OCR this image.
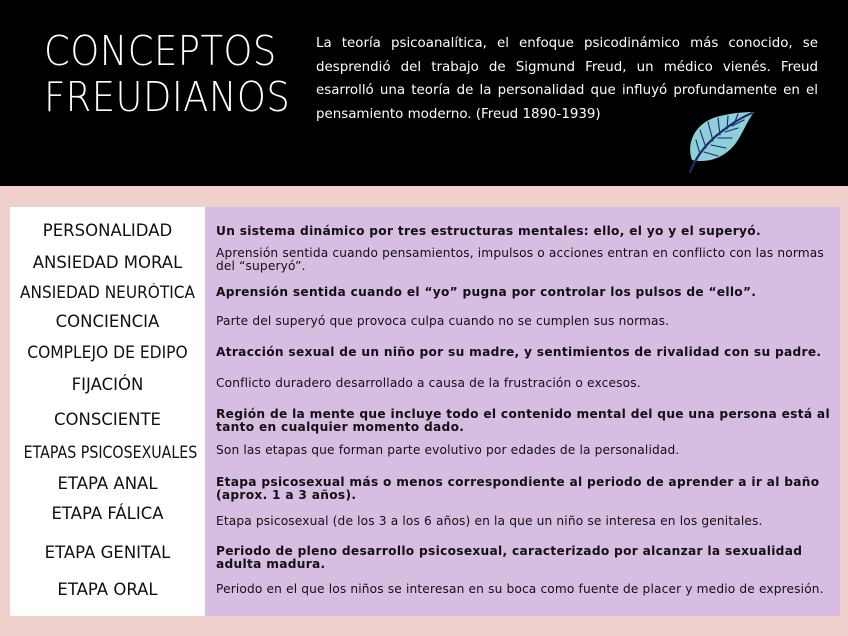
CONCEPTOS
FREUDIANOS

La teoría psicoanalítica, el enfoque psicodinámico más conocido, se desprendió del trabajo de Sigmund Freud, un médico vienés. Freud esarrolló una teoría de la personalidad que influyó profundamente en el pensamiento moderno. (Freud 1890-1939)

PERSONALIDAD	Un sistema dinámico por tres estructuras mentales: ello, el yo y el superyó.
ANSIEDAD MORAL	Aprensión sentida cuando pensamientos, impulsos o acciones entran en conflicto con las normas del “superyó”.
ANSIEDAD NEURÓTICA Aprensión sentida cuando el “yo” pugna por controlar los pulsos de “ello”.
CONCIENCIA	Parte del superyó que provoca culpa cuando no se cumplen sus normas.
COMPLEJO DE EDIPO	Atracción sexual de un niño por su madre, y sentimientos de rivalidad con su padre.
FIJACIÓN	Conflicto duradero desarrollado a causa de la frustración o excesos.
CONSCIENTE	Región de la mente que incluye todo el contenido mental del que una persona está al tanto en cualquier momento dado.
ETAPAS PSICOSEXUALES Son las etapas que forman parte evolutivo por edades de la personalidad.
ETAPA ANAL	Etapa psicosexual más o menos correspondiente al periodo de aprender a ir al baño (aprox. 1 a 3 años).
ETAPA FÁLICA	Etapa psicosexual (de los 3 a los 6 años) en la que un niño se interesa en los genitales.
ETAPA GENITAL	Periodo de pleno desarrollo psicosexual, caracterizado por alcanzar la sexualidad adulta madura.
ETAPA ORAL	Periodo en el que los niños se interesan en su boca como fuente de placer y medio de expresión.
